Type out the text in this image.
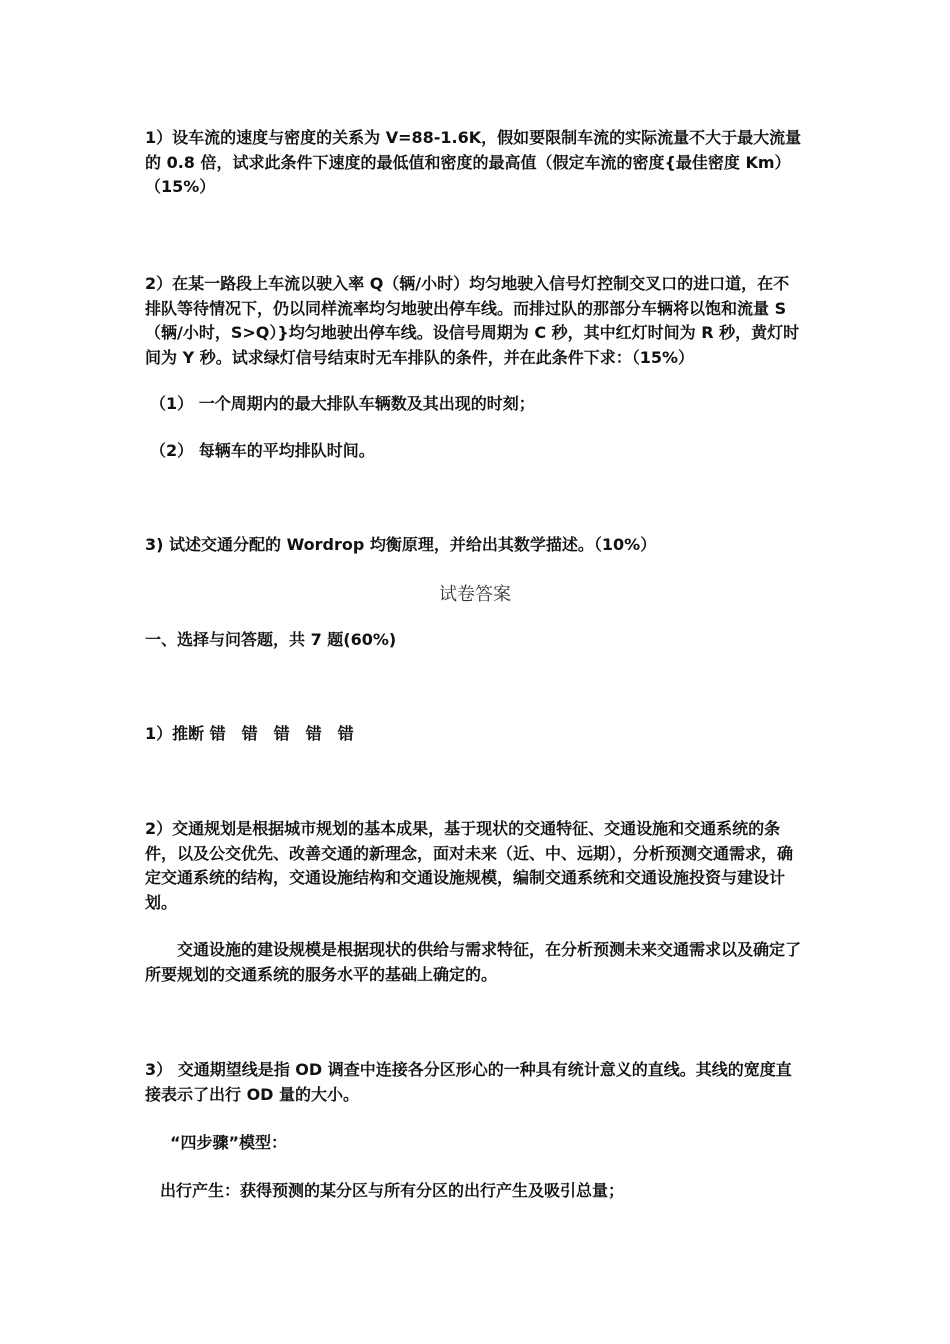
1）设车流的速度与密度的关系为 V=88-1.6K，假如要限制车流的实际流量不大于最大流量的 0.8 倍，试求此条件下速度的最低值和密度的最高值（假定车流的密度{最佳密度 Km）（15%）

2）在某一路段上车流以驶入率 Q（辆/小时）均匀地驶入信号灯控制交叉口的进口道，在不排队等待情况下，仍以同样流率均匀地驶出停车线。而排过队的那部分车辆将以饱和流量 S（辆/小时，S>Q）}均匀地驶出停车线。设信号周期为 C 秒，其中红灯时间为 R 秒，黄灯时间为 Y 秒。试求绿灯信号结束时无车排队的条件，并在此条件下求：（15%）

（1） 一个周期内的最大排队车辆数及其出现的时刻；

（2） 每辆车的平均排队时间。

3) 试述交通分配的 Wordrop 均衡原理，并给出其数学描述。（10%）

试卷答案

一、选择与问答题，共 7 题(60%)

1）推断 错　错　错　错　错

2）交通规划是根据城市规划的基本成果，基于现状的交通特征、交通设施和交通系统的条件，以及公交优先、改善交通的新理念，面对未来（近、中、远期），分析预测交通需求，确定交通系统的结构，交通设施结构和交通设施规模，编制交通系统和交通设施投资与建设计划。

交通设施的建设规模是根据现状的供给与需求特征，在分析预测未来交通需求以及确定了所要规划的交通系统的服务水平的基础上确定的。

3） 交通期望线是指 OD 调查中连接各分区形心的一种具有统计意义的直线。其线的宽度直接表示了出行 OD 量的大小。

“四步骤”模型：

出行产生：获得预测的某分区与所有分区的出行产生及吸引总量；
